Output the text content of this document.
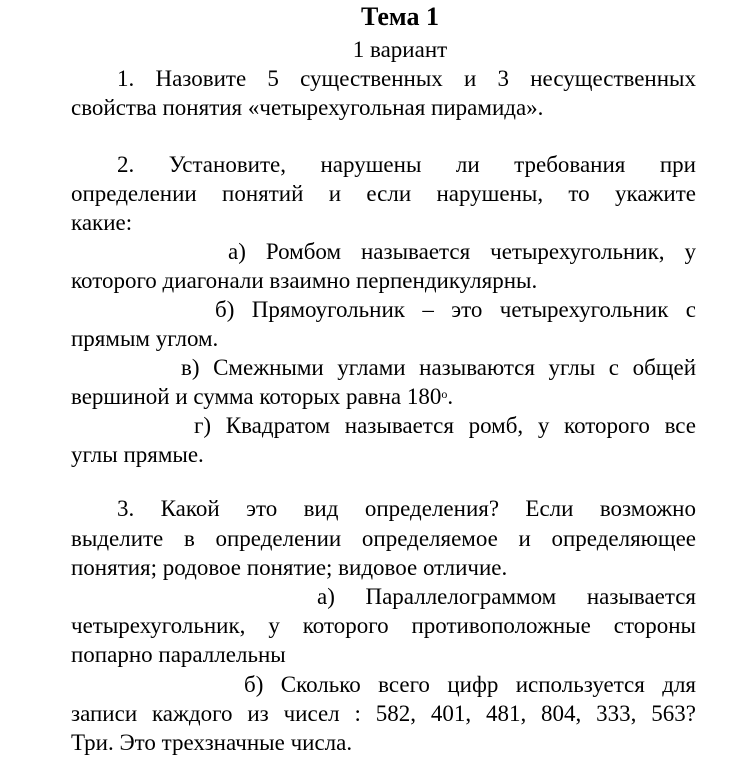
Тема 1
1 вариант
1. Назовите 5 существенных и 3 несущественных
свойства понятия «четырехугольная пирамида».
2. Установите, нарушены ли требования при
определении понятий и если нарушены, то укажите
какие:
а) Ромбом называется четырехугольник, у
которого диагонали взаимно перпендикулярны.
б) Прямоугольник – это четырехугольник с
прямым углом.
в) Смежными углами называются углы с общей
вершиной и сумма которых равна $180^о$.
г) Квадратом называется ромб, у которого все
углы прямые.
3. Какой это вид определения? Если возможно
выделите в определении определяемое и определяющее
понятия; родовое понятие; видовое отличие.
а) Параллелограммом называется
четырехугольник, у которого противоположные стороны
попарно параллельны
б) Сколько всего цифр используется для
записи каждого из чисел : 582, 401, 481, 804, 333, 563?
Три. Это трехзначные числа.
